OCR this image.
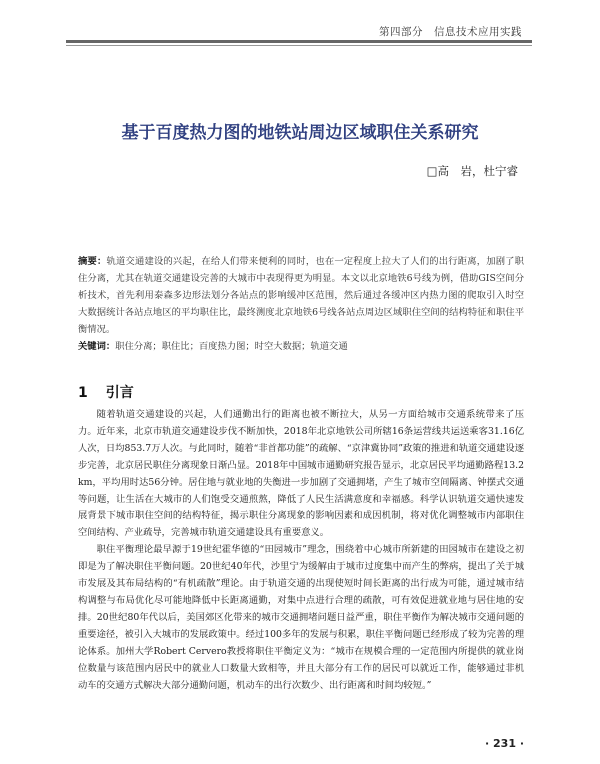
第四部分　信息技术应用实践
基于百度热力图的地铁站周边区域职住关系研究
□高　岩，杜宁睿
摘要：轨道交通建设的兴起，在给人们带来便利的同时，也在一定程度上拉大了人们的出行距离，加剧了职住分离，尤其在轨道交通建设完善的大城市中表现得更为明显。本文以北京地铁6号线为例，借助GIS空间分析技术，首先利用泰森多边形法划分各站点的影响缓冲区范围，然后通过各缓冲区内热力图的爬取引入时空大数据统计各站点地区的平均职住比，最终测度北京地铁6号线各站点周边区域职住空间的结构特征和职住平衡情况。
关键词：职住分离；职住比；百度热力图；时空大数据；轨道交通
1 引言

随着轨道交通建设的兴起，人们通勤出行的距离也被不断拉大，从另一方面给城市交通系统带来了压力。近年来，北京市轨道交通建设步伐不断加快，2018年北京地铁公司所辖16条运营线共运送乘客31.16亿人次，日均853.7万人次。与此同时，随着“非首都功能”的疏解、“京津冀协同”政策的推进和轨道交通建设逐步完善，北京居民职住分离现象日渐凸显。2018年中国城市通勤研究报告显示，北京居民平均通勤路程13.2 km，平均用时达56分钟。居住地与就业地的失衡进一步加剧了交通拥堵，产生了城市空间隔离、钟摆式交通等问题，让生活在大城市的人们饱受交通煎熬，降低了人民生活满意度和幸福感。科学认识轨道交通快速发展背景下城市职住空间的结构特征，揭示职住分离现象的影响因素和成因机制，将对优化调整城市内部职住空间结构、产业疏导，完善城市轨道交通建设具有重要意义。

职住平衡理论最早源于19世纪霍华德的“田园城市”理念，围绕着中心城市所新建的田园城市在建设之初即是为了解决职住平衡问题。20世纪40年代，沙里宁为缓解由于城市过度集中而产生的弊病，提出了关于城市发展及其布局结构的“有机疏散”理论。由于轨道交通的出现使短时间长距离的出行成为可能，通过城市结构调整与布局优化尽可能地降低中长距离通勤，对集中点进行合理的疏散，可有效促进就业地与居住地的安排。20世纪80年代以后，美国郊区化带来的城市交通拥堵问题日益严重，职住平衡作为解决城市交通问题的重要途径，被引入大城市的发展政策中。经过100多年的发展与积累，职住平衡问题已经形成了较为完善的理论体系。加州大学Robert Cervero教授将职住平衡定义为：“城市在规模合理的一定范围内所提供的就业岗位数量与该范围内居民中的就业人口数量大致相等，并且大部分有工作的居民可以就近工作，能够通过非机动车的交通方式解决大部分通勤问题，机动车的出行次数少、出行距离和时间均较短。”

· 231 ·
